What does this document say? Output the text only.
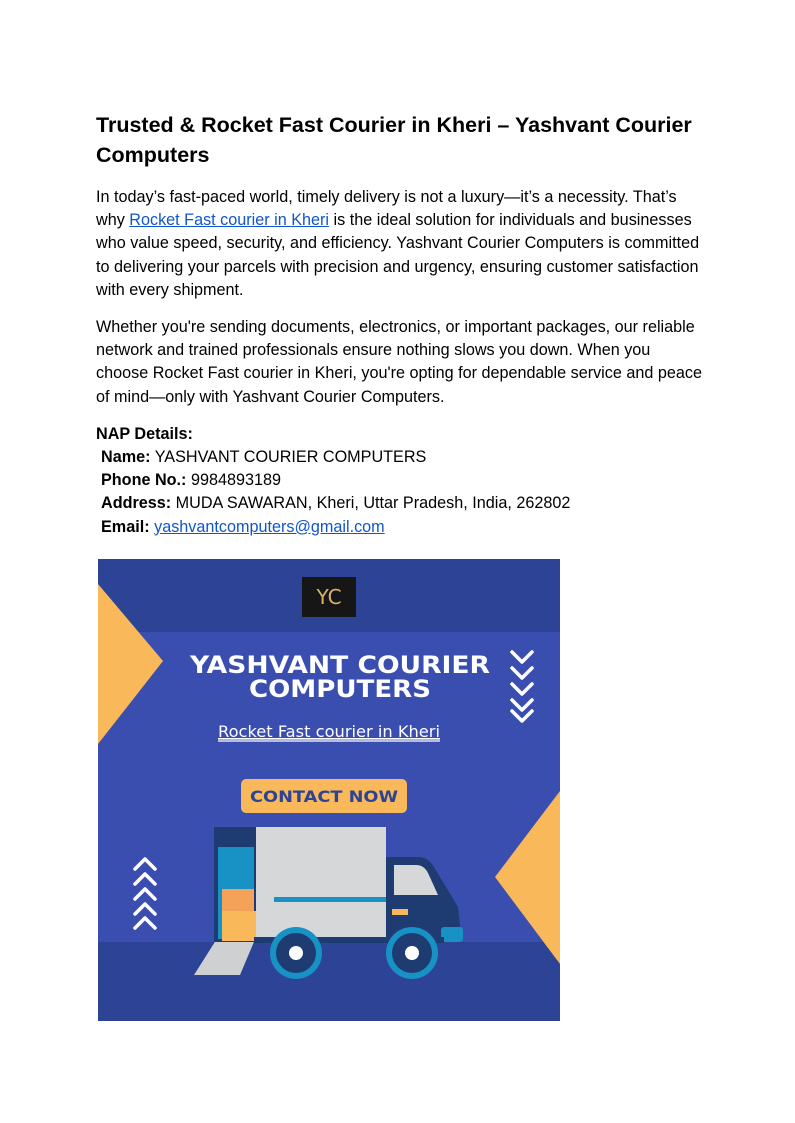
Trusted & Rocket Fast Courier in Kheri – Yashvant Courier Computers

In today’s fast-paced world, timely delivery is not a luxury—it’s a necessity. That’s why Rocket Fast courier in Kheri is the ideal solution for individuals and businesses who value speed, security, and efficiency. Yashvant Courier Computers is committed to delivering your parcels with precision and urgency, ensuring customer satisfaction with every shipment.

Whether you're sending documents, electronics, or important packages, our reliable network and trained professionals ensure nothing slows you down. When you choose Rocket Fast courier in Kheri, you're opting for dependable service and peace of mind—only with Yashvant Courier Computers.

NAP Details:
Name: YASHVANT COURIER COMPUTERS
Phone No.: 9984893189
Address: MUDA SAWARAN, Kheri, Uttar Pradesh, India, 262802
Email: yashvantcomputers@gmail.com
YC
YASHVANT COURIER
COMPUTERS
Rocket Fast courier in Kheri
CONTACT NOW
